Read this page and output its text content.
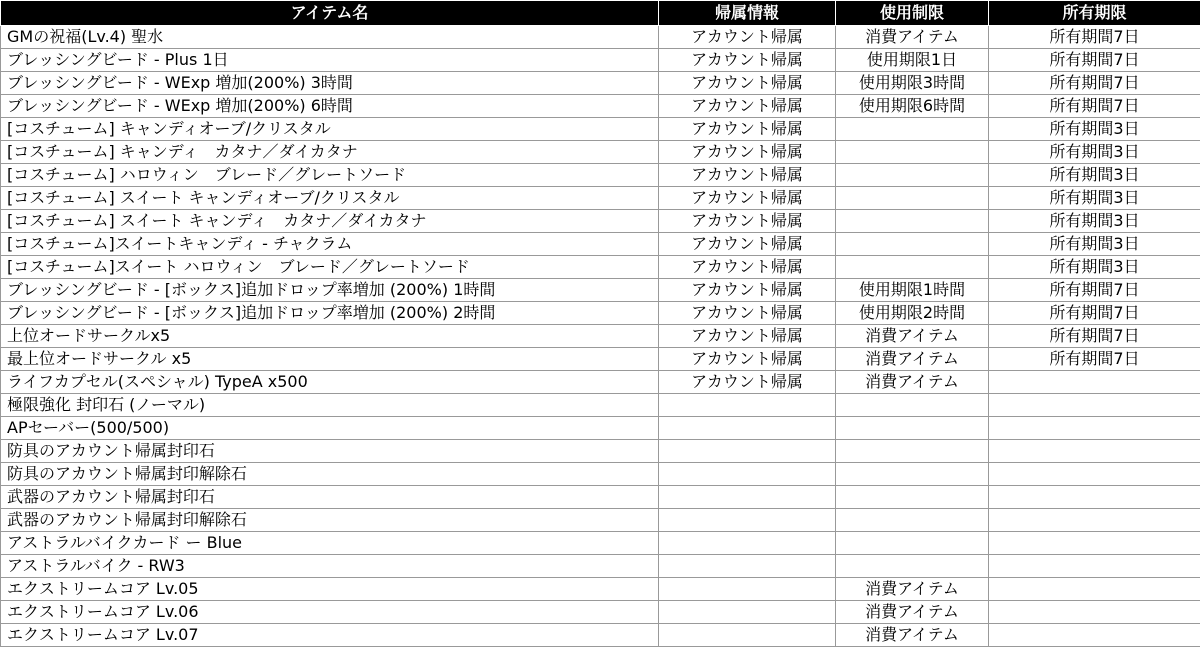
アイテム名	帰属情報	使用制限	所有期限
GMの祝福(Lv.4) 聖水	アカウント帰属	消費アイテム	所有期間7日
ブレッシングビード - Plus 1日	アカウント帰属	使用期限1日	所有期間7日
ブレッシングビード - WExp 増加(200%) 3時間	アカウント帰属	使用期限3時間	所有期間7日
ブレッシングビード - WExp 増加(200%) 6時間	アカウント帰属	使用期限6時間	所有期間7日
[コスチューム] キャンディオーブ/クリスタル	アカウント帰属		所有期間3日
[コスチューム] キャンディ　カタナ／ダイカタナ	アカウント帰属		所有期間3日
[コスチューム] ハロウィン　ブレード／グレートソード	アカウント帰属		所有期間3日
[コスチューム] スイート キャンディオーブ/クリスタル	アカウント帰属		所有期間3日
[コスチューム] スイート キャンディ　カタナ／ダイカタナ	アカウント帰属		所有期間3日
[コスチューム]スイートキャンディ - チャクラム	アカウント帰属		所有期間3日
[コスチューム]スイート ハロウィン　ブレード／グレートソード	アカウント帰属		所有期間3日
ブレッシングビード - [ボックス]追加ドロップ率増加 (200%) 1時間	アカウント帰属	使用期限1時間	所有期間7日
ブレッシングビード - [ボックス]追加ドロップ率増加 (200%) 2時間	アカウント帰属	使用期限2時間	所有期間7日
上位オードサークルx5	アカウント帰属	消費アイテム	所有期間7日
最上位オードサークル x5	アカウント帰属	消費アイテム	所有期間7日
ライフカプセル(スペシャル) TypeA x500	アカウント帰属	消費アイテム	
極限強化 封印石 (ノーマル)			
APセーバー(500/500)			
防具のアカウント帰属封印石			
防具のアカウント帰属封印解除石			
武器のアカウント帰属封印石			
武器のアカウント帰属封印解除石			
アストラルバイクカード ー Blue			
アストラルバイク - RW3			
エクストリームコア Lv.05		消費アイテム	
エクストリームコア Lv.06		消費アイテム	
エクストリームコア Lv.07		消費アイテム	
